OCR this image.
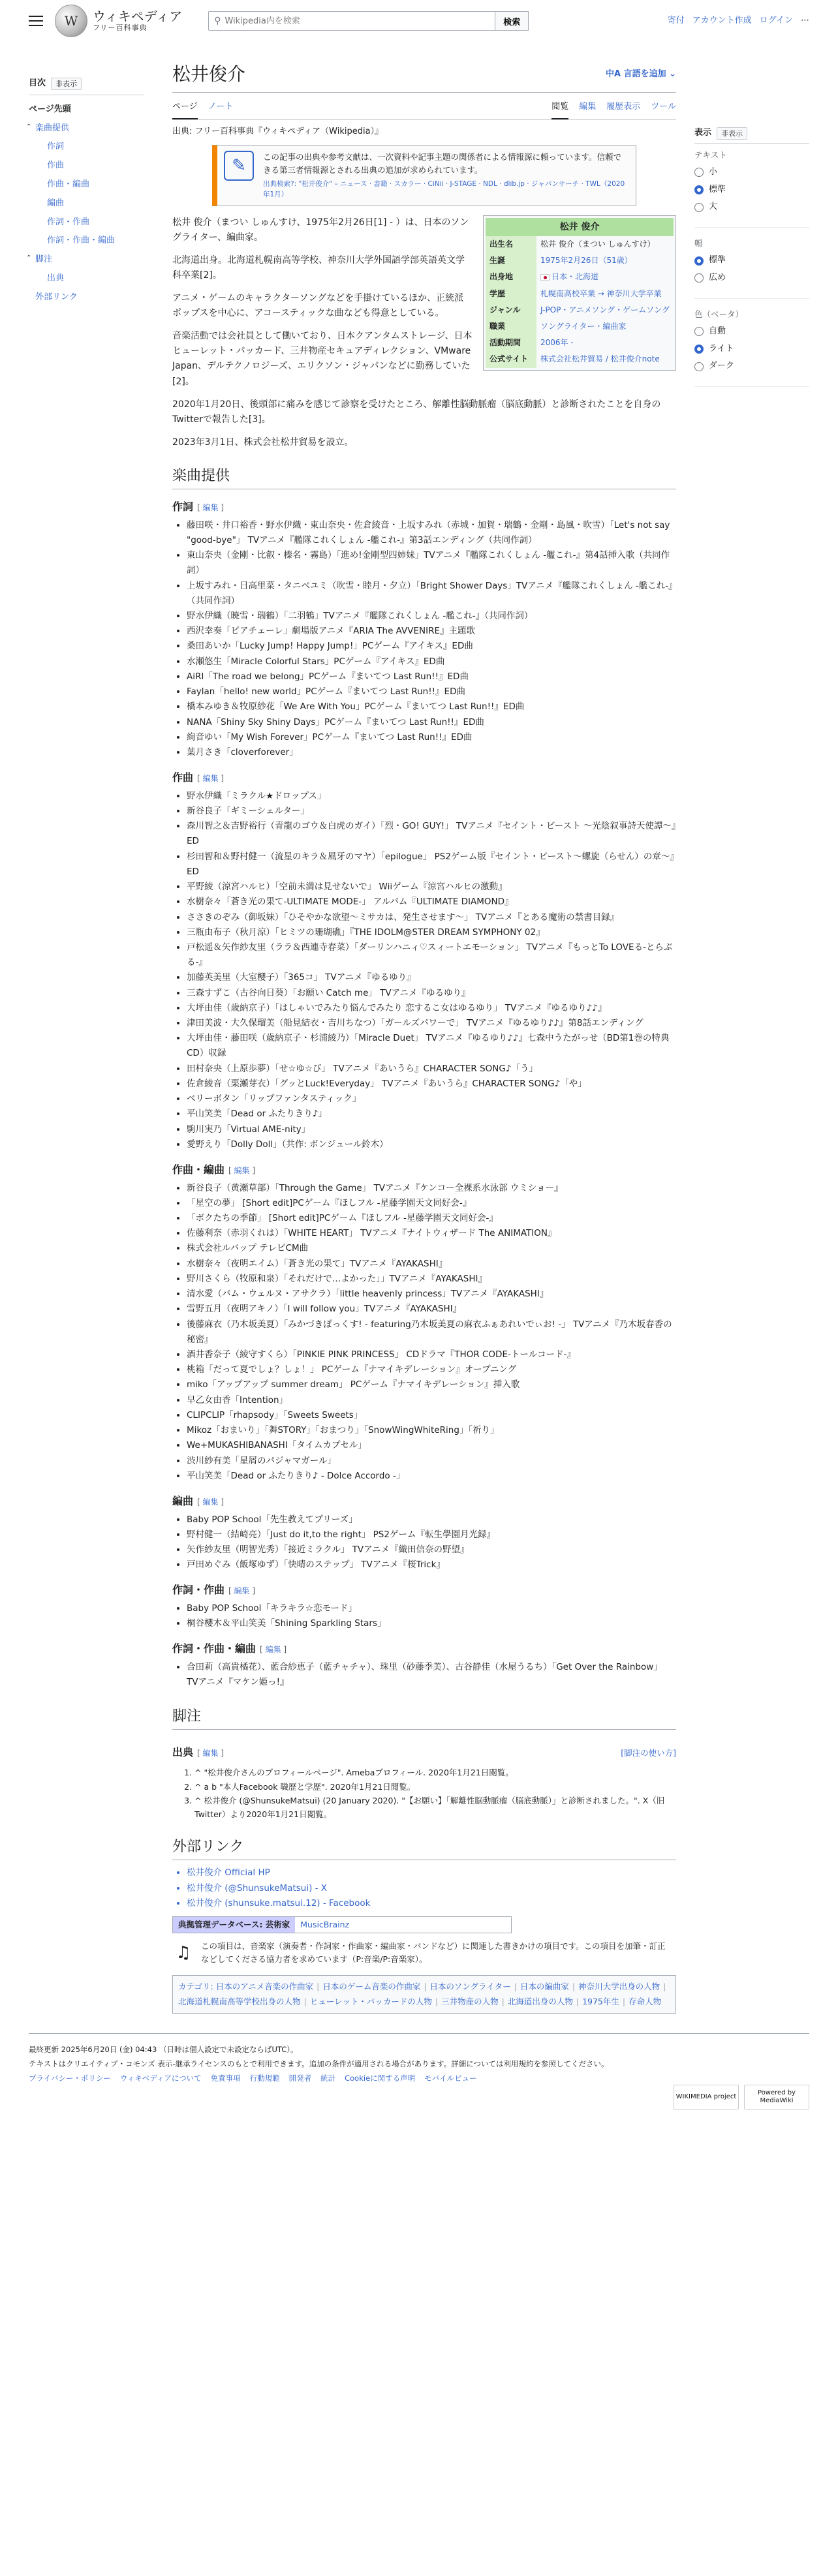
W	ウィキペディア
フリー百科事典
⚲
Wikipedia内を検索	検索	寄付 アカウント作成 ログイン ⋯
目次	非表示
ページ先頭
⌃ 楽曲提供
作詞
作曲
作曲・編曲
編曲
作詞・作曲
作詞・作曲・編曲
⌃ 脚注
出典
外部リンク
松井俊介	中A 言語を追加 ⌄
ページ ノート	閲覧 編集 履歴表示 ツール
出典: フリー百科事典『ウィキペディア（Wikipedia）』
✎	この記事の出典や参考文献は、一次資料や記事主題の関係者による情報源に頼っています。信頼できる第三者情報源とされる出典の追加が求められています。
出典検索?: "松井俊介" – ニュース · 書籍 · スカラー · CiNii · J-STAGE · NDL · dlib.jp · ジャパンサーチ · TWL（2020年1月）
松井 俊介
出生名	松井 俊介（まつい しゅんすけ）
生誕	1975年2月26日（51歳）
出身地	日本・北海道
学歴	札幌南高校卒業 → 神奈川大学卒業
ジャンル	J-POP・アニメソング・ゲームソング
職業	ソングライター・編曲家
活動期間	2006年 -
公式サイト	株式会社松井貿易 / 松井俊介note

松井 俊介（まつい しゅんすけ、1975年2月26日[1] - ）は、日本のソングライター、編曲家。

北海道出身。北海道札幌南高等学校、神奈川大学外国語学部英語英文学科卒業[2]。

アニメ・ゲームのキャラクターソングなどを手掛けているほか、正統派ポップスを中心に、アコースティックな曲なども得意としている。

音楽活動では会社員として働いており、日本クアンタムストレージ、日本ヒューレット・パッカード、三井物産セキュアディレクション、VMware Japan、デルテクノロジーズ、エリクソン・ジャパンなどに勤務していた[2]。

2020年1月20日、後頭部に痛みを感じて診察を受けたところ、解離性脳動脈瘤（脳底動脈）と診断されたことを自身のTwitterで報告した[3]。

2023年3月1日、株式会社松井貿易を設立。

楽曲提供
作詞 [ 編集 ]
• 藤田咲・井口裕香・野水伊織・東山奈央・佐倉綾音・上坂すみれ（赤城・加賀・瑞鶴・金剛・島風・吹雪）「Let's not say "good-bye"」 TVアニメ『艦隊これくしょん -艦これ-』第3話エンディング（共同作詞）
• 東山奈央（金剛・比叡・榛名・霧島）「進め!金剛型四姉妹」TVアニメ『艦隊これくしょん -艦これ-』第4話挿入歌（共同作詞）
• 上坂すみれ・日高里菜・タニベユミ（吹雪・睦月・夕立）「Bright Shower Days」TVアニメ『艦隊これくしょん -艦これ-』（共同作詞）
• 野水伊織（暁雪・瑞鶴）「二羽鶴」TVアニメ『艦隊これくしょん -艦これ-』（共同作詞）
• 西沢幸奏「ピアチェーレ」劇場版アニメ『ARIA The AVVENIRE』主題歌
• 桑田あいか「Lucky Jump! Happy Jump!」PCゲーム『アイキス』ED曲
• 水瀬悠生「Miracle Colorful Stars」PCゲーム『アイキス』ED曲
• AiRI「The road we belong」PCゲーム『まいてつ Last Run!!』ED曲
• Faylan「hello! new world」PCゲーム『まいてつ Last Run!!』ED曲
• 橋本みゆき＆牧原紗花「We Are With You」PCゲーム『まいてつ Last Run!!』ED曲
• NANA「Shiny Sky Shiny Days」PCゲーム『まいてつ Last Run!!』ED曲
• 絢音ゆい「My Wish Forever」PCゲーム『まいてつ Last Run!!』ED曲
• 葉月さき「cloverforever」
作曲 [ 編集 ]
• 野水伊織「ミラクル★ドロップス」
• 新谷良子「ギミーシェルター」
• 森川智之＆吉野裕行（青龍のゴウ＆白虎のガイ）「烈・GO! GUY!」 TVアニメ『セイント・ビースト 〜光陰叙事詩天使譚〜』ED
• 杉田智和＆野村健一（流星のキラ＆風牙のマヤ）「epilogue」 PS2ゲーム版『セイント・ビースト〜螺旋（らせん）の章〜』ED
• 平野綾（涼宮ハルヒ）「空前未満は見せないで」 Wiiゲーム『涼宮ハルヒの激動』
• 水樹奈々「蒼き光の果て-ULTIMATE MODE-」 アルバム『ULTIMATE DIAMOND』
• ささきのぞみ（御坂妹）「ひそやかな欲望〜ミサカは、発生させます〜」 TVアニメ『とある魔術の禁書目録』
• 三瓶由布子（秋月涼）「ヒミツの珊瑚礁」『THE IDOLM@STER DREAM SYMPHONY 02』
• 戸松遥＆矢作紗友里（ララ＆西連寺春菜）「ダーリンハニィ♡スィートエモーション」 TVアニメ『もっとTo LOVEる-とらぶる-』
• 加藤英美里（大室櫻子）「365コ」 TVアニメ『ゆるゆり』
• 三森すずこ（古谷向日葵）「お願い Catch me」 TVアニメ『ゆるゆり』
• 大坪由佳（歳納京子）「はしゃいでみたり悩んでみたり 恋するこ女はゆるゆり」 TVアニメ『ゆるゆり♪♪』
• 津田美波・大久保瑠美（船見結衣・吉川ちなつ）「ガールズパワーで」 TVアニメ『ゆるゆり♪♪』第8話エンディング
• 大坪由佳・藤田咲（歳納京子・杉浦綾乃）「Miracle Duet」 TVアニメ『ゆるゆり♪♪』七森中うたがっせ（BD第1巻の特典CD）収録
• 田村奈央（上原歩夢）「せ☆ゆ☆び」 TVアニメ『あいうら』CHARACTER SONG♪「う」
• 佐倉綾音（栗瀬芽衣）「グッとLuck!Everyday」 TVアニメ『あいうら』CHARACTER SONG♪「や」
• ベリーボタン「リップファンタスティック」
• 平山笑美「Dead or ふたりきり♪」
• 駒川実乃「Virtual AME-nity」
• 愛野えり「Dolly Doll」（共作: ボンジュール鈴木）
作曲・編曲 [ 編集 ]
• 新谷良子（黄瀬草部）「Through the Game」 TVアニメ『ケンコー全裸系水泳部 ウミショー』
• 「星空の夢」 [Short edit]PCゲーム『ほしフル -星藤学園天文同好会-』
• 「ボクたちの季節」 [Short edit]PCゲーム『ほしフル -星藤学園天文同好会-』
• 佐藤利奈（赤羽くれは）「WHITE HEART」 TVアニメ『ナイトウィザード The ANIMATION』
• 株式会社ルバップ テレビCM曲
• 水樹奈々（夜明エイム）「蒼き光の果て」TVアニメ『AYAKASHI』
• 野川さくら（牧原和泉）「それだけで…よかった」」TVアニメ『AYAKASHI』
• 清水愛（バム・ウェルヌ・アサクラ）「little heavenly princess」TVアニメ『AYAKASHI』
• 雪野五月（夜明アキノ）「I will follow you」TVアニメ『AYAKASHI』
• 後藤麻衣（乃木坂美夏）「みかづきぽっくす! - featuring乃木坂美夏の麻衣ふぁあれいでぃお! -」 TVアニメ『乃木坂春香の秘密』
• 酒井香奈子（綾守すくら）「PINKIE PINK PRINCESS」 CDドラマ『THOR CODE-トールコード-』
• 桃箱「だって夏でしょ？しょ！」 PCゲーム『ナマイキデレーション』オープニング
• miko「アップアップ summer dream」 PCゲーム『ナマイキデレーション』挿入歌
• 早乙女由香「Intention」
• CLIPCLIP「rhapsody」「Sweets Sweets」
• Mikoz「おまいり」「舞STORY」「おまつり」「SnowWingWhiteRing」「祈り」
• We+MUKASHIBANASHI「タイムカプセル」
• 渋川紗有美「星屑のパジャマガール」
• 平山笑美「Dead or ふたりきり♪ - Dolce Accordo -」
編曲 [ 編集 ]
• Baby POP School「先生教えてプリーズ」
• 野村健一（結崎亮）「Just do it,to the right」 PS2ゲーム『転生學園月光録』
• 矢作紗友里（明智光秀）「接近ミラクル」 TVアニメ『織田信奈の野望』
• 戸田めぐみ（飯塚ゆず）「快晴のステップ」 TVアニメ『桜Trick』
作詞・作曲 [ 編集 ]
• Baby POP School「キラキラ☆恋モード」
• 桐谷櫻木＆平山笑美「Shining Sparkling Stars」
作詞・作曲・編曲 [ 編集 ]
• 合田莉（高貴橘花）、藍合紗恵子（藍チャチャ）、珠里（砂藤季美）、古谷静佳（水屋うるち）「Get Over the Rainbow」 TVアニメ『マケン姫っ!』
脚注
出典 [ 編集 ]	[脚注の使い方]
1. ^ "松井俊介さんのプロフィールページ". Amebaプロフィール. 2020年1月21日閲覧。
2. ^ a b "本人Facebook 職歴と学歴". 2020年1月21日閲覧。
3. ^ 松井俊介 (@ShunsukeMatsui) (20 January 2020). "【お願い】「解離性脳動脈瘤（脳底動脈）」と診断されました。". X（旧Twitter）より2020年1月21日閲覧。
外部リンク
• 松井俊介 Official HP
• 松井俊介 (@ShunsukeMatsui) - X
• 松井俊介 (shunsuke.matsui.12) - Facebook
典拠管理データベース: 芸術家	MusicBrainz
♫	この項目は、音楽家（演奏者・作詞家・作曲家・編曲家・バンドなど）に関連した書きかけの項目です。この項目を加筆・訂正などしてくださる協力者を求めています（P:音楽/P:音楽家）。
カテゴリ: 日本のアニメ音楽の作曲家 | 日本のゲーム音楽の作曲家 | 日本のソングライター | 日本の編曲家 | 神奈川大学出身の人物 |北海道札幌南高等学校出身の人物 | ヒューレット・パッカードの人物 | 三井物産の人物 | 北海道出身の人物 | 1975年生 | 存命人物
表示	非表示
テキスト
小
標準
大
幅
標準
広め
色（ベータ）
自動
ライト
ダーク
最終更新 2025年6月20日 (金) 04:43 （日時は個人設定で未設定ならばUTC）。
テキストはクリエイティブ・コモンズ 表示-継承ライセンスのもとで利用できます。追加の条件が適用される場合があります。詳細については利用規約を参照してください。
プライバシー・ポリシー ウィキペディアについて 免責事項 行動規範 開発者 統計 Cookieに関する声明 モバイルビュー
WIKIMEDIA project
Powered by MediaWiki
